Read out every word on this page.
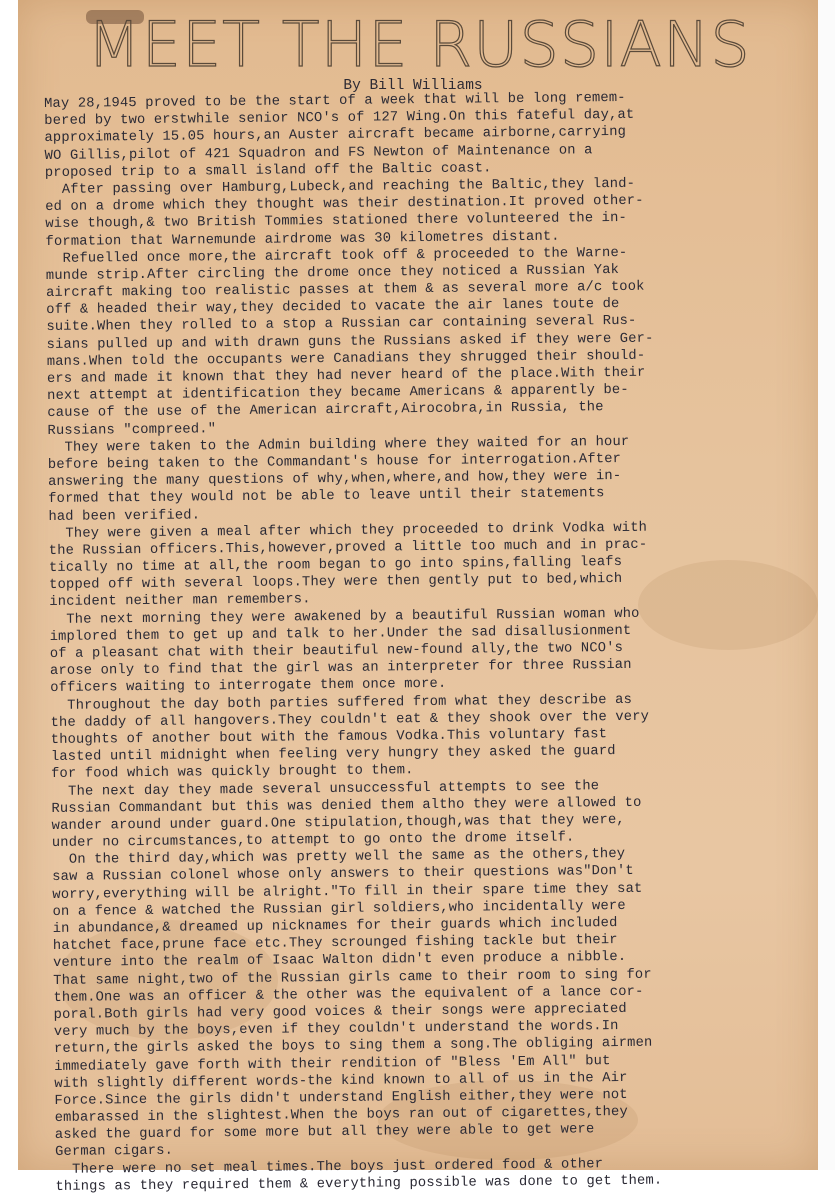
MEET THE RUSSIANS
By Bill Williams
May 28,1945 proved to be the start of a week that will be long remem-
bered by two erstwhile senior NCO's of 127 Wing.On this fateful day,at
approximately 15.05 hours,an Auster aircraft became airborne,carrying
WO Gillis,pilot of 421 Squadron and FS Newton of Maintenance on a
proposed trip to a small island off the Baltic coast.
After passing over Hamburg,Lubeck,and reaching the Baltic,they land-
ed on a drome which they thought was their destination.It proved other-
wise though,& two British Tommies stationed there volunteered the in-
formation that Warnemunde airdrome was 30 kilometres distant.
Refuelled once more,the aircraft took off & proceeded to the Warne-
munde strip.After circling the drome once they noticed a Russian Yak
aircraft making too realistic passes at them & as several more a/c took
off & headed their way,they decided to vacate the air lanes toute de
suite.When they rolled to a stop a Russian car containing several Rus-
sians pulled up and with drawn guns the Russians asked if they were Ger-
mans.When told the occupants were Canadians they shrugged their should-
ers and made it known that they had never heard of the place.With their
next attempt at identification they became Americans & apparently be-
cause of the use of the American aircraft,Airocobra,in Russia, the
Russians "compreed."
They were taken to the Admin building where they waited for an hour
before being taken to the Commandant's house for interrogation.After
answering the many questions of why,when,where,and how,they were in-
formed that they would not be able to leave until their statements
had been verified.
They were given a meal after which they proceeded to drink Vodka with
the Russian officers.This,however,proved a little too much and in prac-
tically no time at all,the room began to go into spins,falling leafs
topped off with several loops.They were then gently put to bed,which
incident neither man remembers.
The next morning they were awakened by a beautiful Russian woman who
implored them to get up and talk to her.Under the sad disallusionment
of a pleasant chat with their beautiful new-found ally,the two NCO's
arose only to find that the girl was an interpreter for three Russian
officers waiting to interrogate them once more.
Throughout the day both parties suffered from what they describe as
the daddy of all hangovers.They couldn't eat & they shook over the very
thoughts of another bout with the famous Vodka.This voluntary fast
lasted until midnight when feeling very hungry they asked the guard
for food which was quickly brought to them.
The next day they made several unsuccessful attempts to see the
Russian Commandant but this was denied them altho they were allowed to
wander around under guard.One stipulation,though,was that they were,
under no circumstances,to attempt to go onto the drome itself.
On the third day,which was pretty well the same as the others,they
saw a Russian colonel whose only answers to their questions was"Don't
worry,everything will be alright."To fill in their spare time they sat
on a fence & watched the Russian girl soldiers,who incidentally were
in abundance,& dreamed up nicknames for their guards which included
hatchet face,prune face etc.They scrounged fishing tackle but their
venture into the realm of Isaac Walton didn't even produce a nibble.
That same night,two of the Russian girls came to their room to sing for
them.One was an officer & the other was the equivalent of a lance cor-
poral.Both girls had very good voices & their songs were appreciated
very much by the boys,even if they couldn't understand the words.In
return,the girls asked the boys to sing them a song.The obliging airmen
immediately gave forth with their rendition of "Bless 'Em All" but
with slightly different words-the kind known to all of us in the Air
Force.Since the girls didn't understand English either,they were not
embarassed in the slightest.When the boys ran out of cigarettes,they
asked the guard for some more but all they were able to get were
German cigars.
There were no set meal times.The boys just ordered food & other
things as they required them & everything possible was done to get them.
